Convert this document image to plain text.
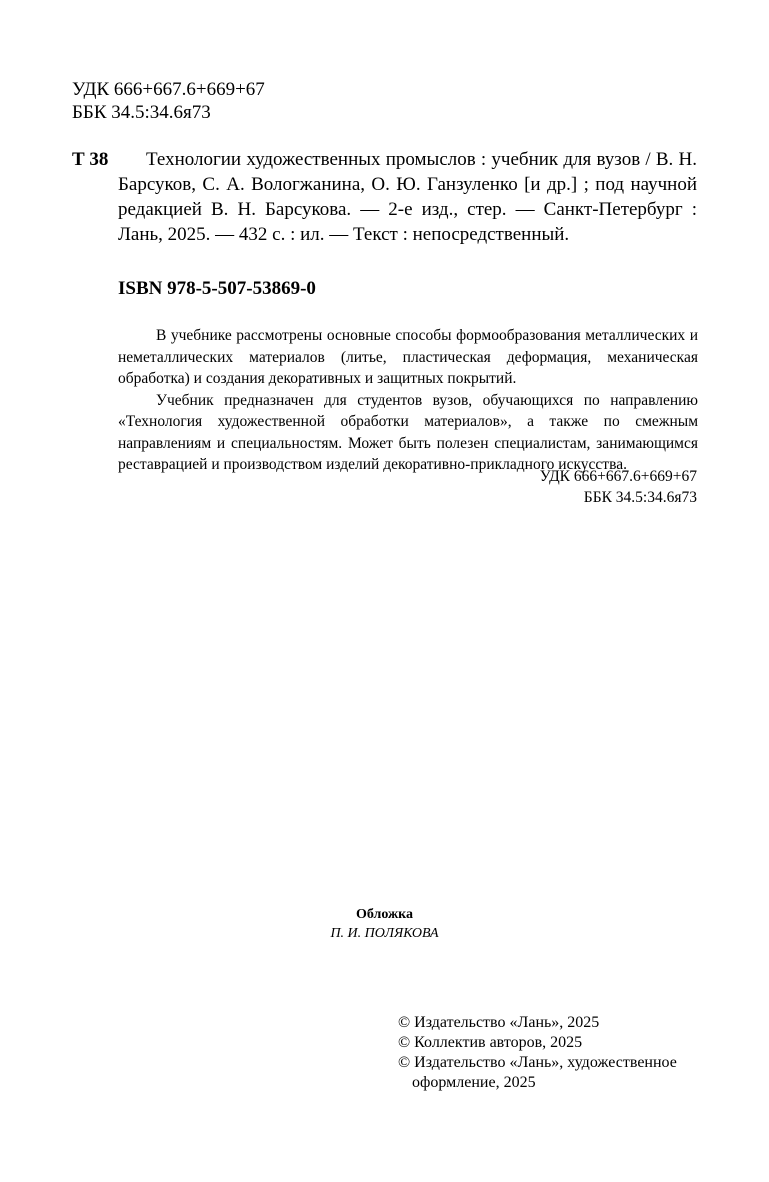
УДК 666+667.6+669+67
ББК 34.5:34.6я73
Т 38	Технологии художественных промыслов : учебник для вузов / В. Н. Барсуков, С. А. Вологжанина, О. Ю. Ганзуленко [и др.] ; под научной редакцией В. Н. Барсукова. — 2-е изд., стер. — Санкт-Петербург : Лань, 2025. — 432 с. : ил. — Текст : непосредственный.
ISBN 978-5-507-53869-0

В учебнике рассмотрены основные способы формообразования металлических и неметаллических материалов (литье, пластическая деформация, механическая обработка) и создания декоративных и защитных покрытий.

Учебник предназначен для студентов вузов, обучающихся по направлению «Технология художественной обработки материалов», а также по смежным направлениям и специальностям. Может быть полезен специалистам, занимающимся реставрацией и производством изделий декоративно-прикладного искусства.

УДК 666+667.6+669+67
ББК 34.5:34.6я73
Обложка
П. И. ПОЛЯКОВА
© Издательство «Лань», 2025
© Коллектив авторов, 2025
© Издательство «Лань», художественное оформление, 2025
